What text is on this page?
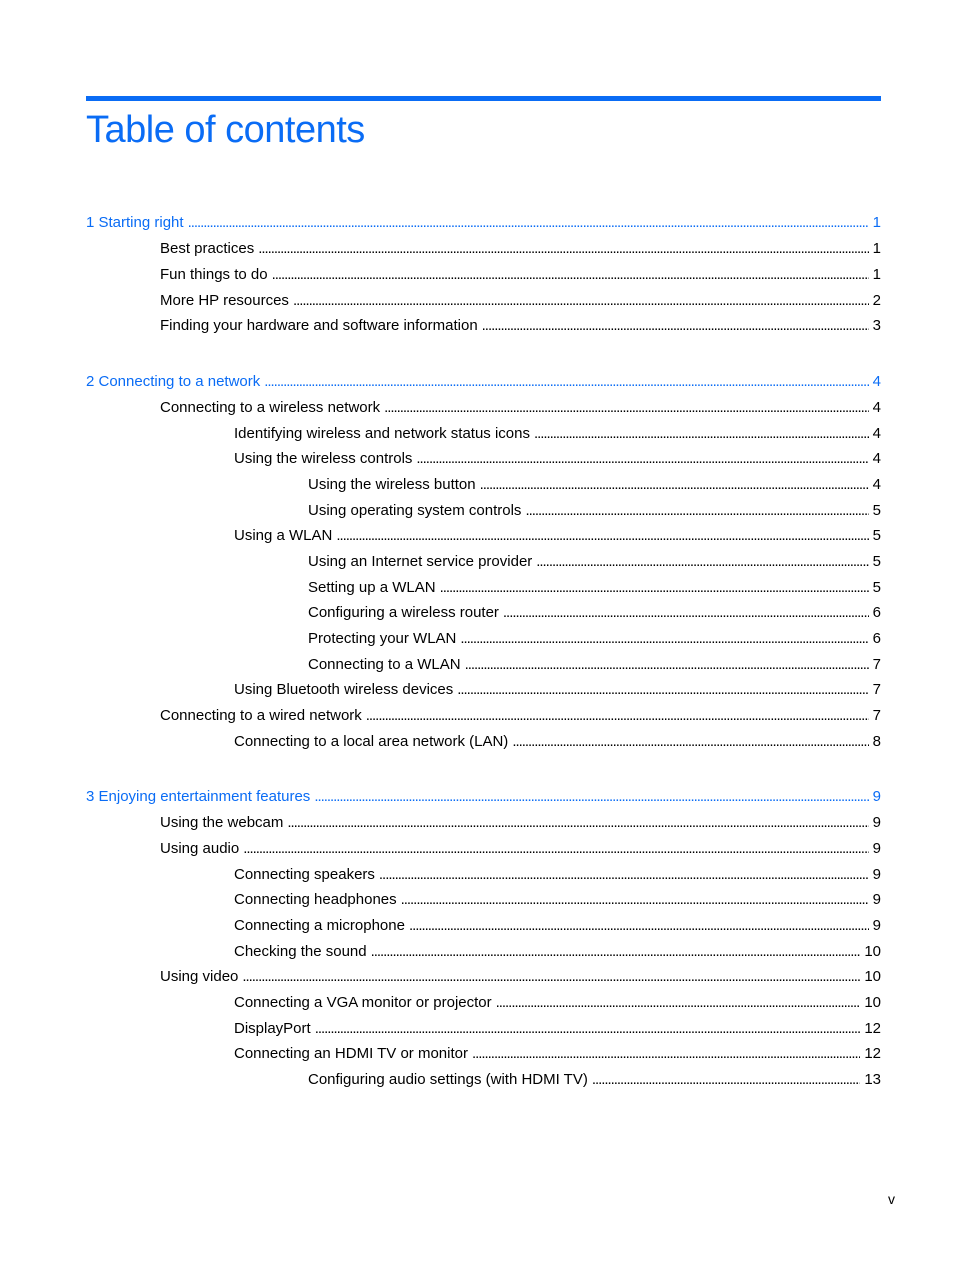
Table of contents
1 Starting right . . .	1
Best practices . . .	1
Fun things to do . . .	1
More HP resources . . .	2
Finding your hardware and software information . . .	3
2 Connecting to a network . . .	4
Connecting to a wireless network . . .	4
Identifying wireless and network status icons . . .	4
Using the wireless controls . . .	4
Using the wireless button . . .	4
Using operating system controls . . .	5
Using a WLAN . . .	5
Using an Internet service provider . . .	5
Setting up a WLAN . . .	5
Configuring a wireless router . . .	6
Protecting your WLAN . . .	6
Connecting to a WLAN . . .	7
Using Bluetooth wireless devices . . .	7
Connecting to a wired network . . .	7
Connecting to a local area network (LAN) . . .	8
3 Enjoying entertainment features . . .	9
Using the webcam . . .	9
Using audio . . .	9
Connecting speakers . . .	9
Connecting headphones . . .	9
Connecting a microphone . . .	9
Checking the sound . . .	10
Using video . . .	10
Connecting a VGA monitor or projector . . .	10
DisplayPort . . .	12
Connecting an HDMI TV or monitor . . .	12
Configuring audio settings (with HDMI TV) . . .	13
v
